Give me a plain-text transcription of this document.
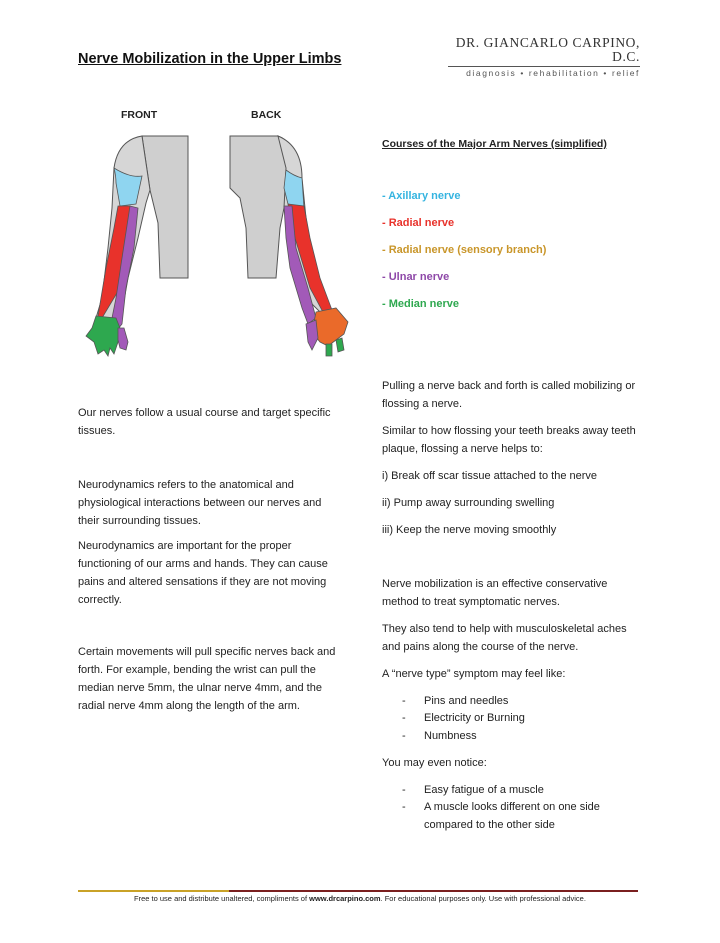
Nerve Mobilization in the Upper Limbs
DR. GIANCARLO CARPINO, D.C.
diagnosis • rehabilitation • relief
FRONT	BACK
Courses of the Major Arm Nerves (simplified)
- Axillary nerve
- Radial nerve
- Radial nerve (sensory branch)
- Ulnar nerve
- Median nerve

Our nerves follow a usual course and target specific tissues.

Neurodynamics refers to the anatomical and physiological interactions between our nerves and their surrounding tissues.

Neurodynamics are important for the proper functioning of our arms and hands. They can cause pains and altered sensations if they are not moving correctly.

Certain movements will pull specific nerves back and forth. For example, bending the wrist can pull the median nerve 5mm, the ulnar nerve 4mm, and the radial nerve 4mm along the length of the arm.

Pulling a nerve back and forth is called mobilizing or flossing a nerve.

Similar to how flossing your teeth breaks away teeth plaque, flossing a nerve helps to:

i) Break off scar tissue attached to the nerve

ii) Pump away surrounding swelling

iii) Keep the nerve moving smoothly

Nerve mobilization is an effective conservative method to treat symptomatic nerves.

They also tend to help with musculoskeletal aches and pains along the course of the nerve.

A “nerve type” symptom may feel like:

- Pins and needles
- Electricity or Burning
- Numbness

You may even notice:

- Easy fatigue of a muscle
- A muscle looks different on one side
compared to the other side
Free to use and distribute unaltered, compliments of www.drcarpino.com. For educational purposes only. Use with professional advice.
